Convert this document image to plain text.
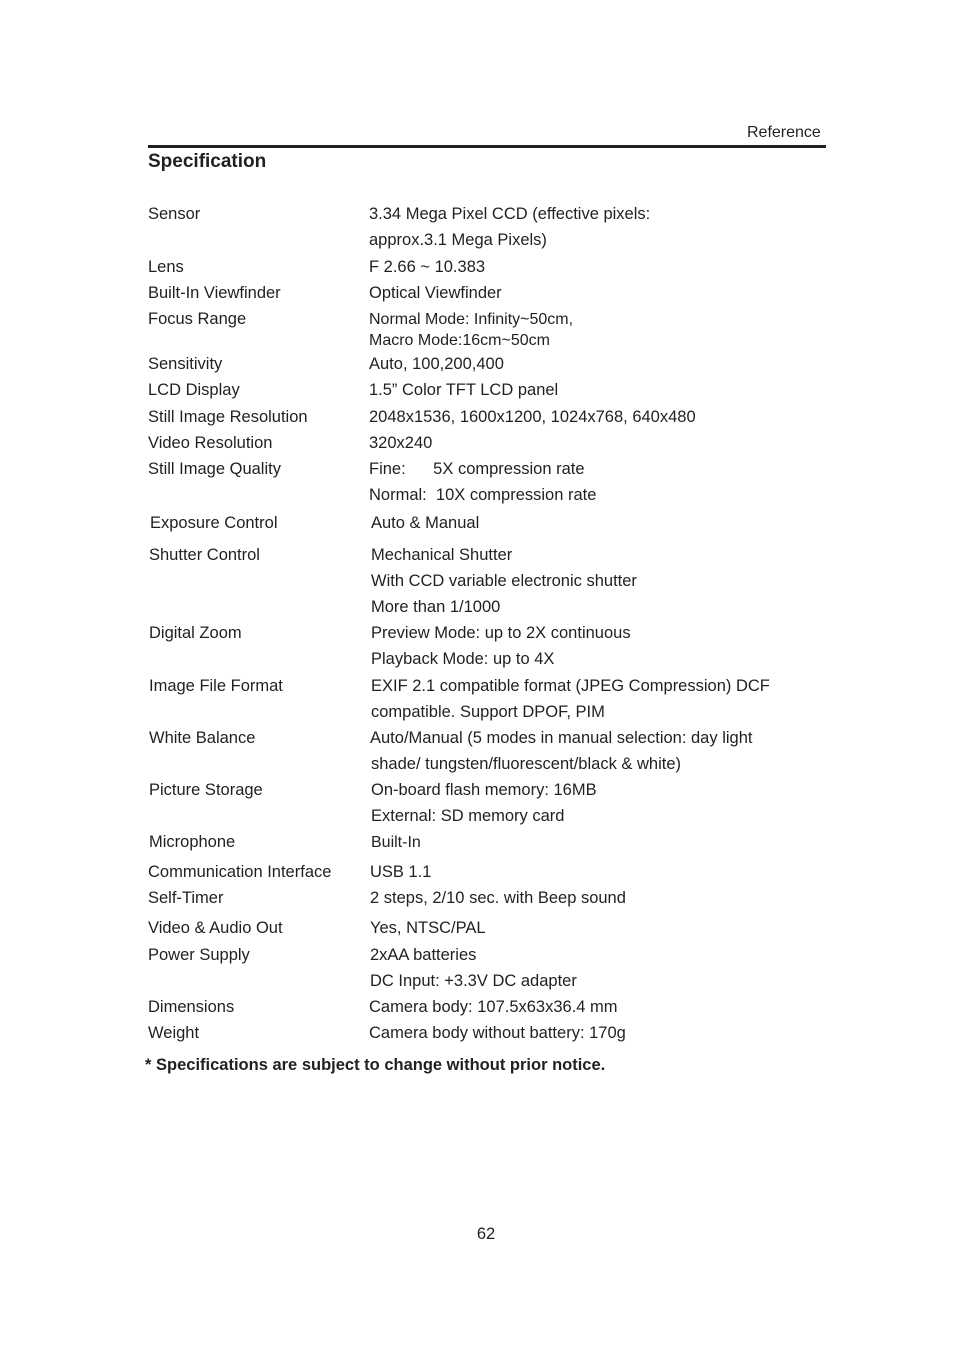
Reference
Specification
Sensor	3.34 Mega Pixel CCD (effective pixels:
approx.3.1 Mega Pixels)
Lens	F 2.66 ~ 10.383
Built-In Viewfinder	Optical Viewfinder
Focus Range	Normal Mode: Infinity~50cm,
Macro Mode:16cm~50cm
Sensitivity	Auto, 100,200,400
LCD Display	1.5” Color TFT LCD panel
Still Image Resolution	2048x1536, 1600x1200, 1024x768, 640x480
Video Resolution	320x240
Still Image Quality	Fine:      5X compression rate
Normal:  10X compression rate
Exposure Control	Auto & Manual
Shutter Control	Mechanical Shutter
With CCD variable electronic shutter
More than 1/1000
Digital Zoom	Preview Mode: up to 2X continuous
Playback Mode: up to 4X
Image File Format	EXIF 2.1 compatible format (JPEG Compression) DCF
compatible. Support DPOF, PIM
White Balance	Auto/Manual (5 modes in manual selection: day light
shade/ tungsten/fluorescent/black & white)
Picture Storage	On-board flash memory: 16MB
External: SD memory card
Microphone	Built-In
Communication Interface USB 1.1
Self-Timer	2 steps, 2/10 sec. with Beep sound
Video & Audio Out	Yes, NTSC/PAL
Power Supply	2xAA batteries
DC Input: +3.3V DC adapter
Dimensions	Camera body: 107.5x63x36.4 mm
Weight	Camera body without battery: 170g
* Specifications are subject to change without prior notice.
62
